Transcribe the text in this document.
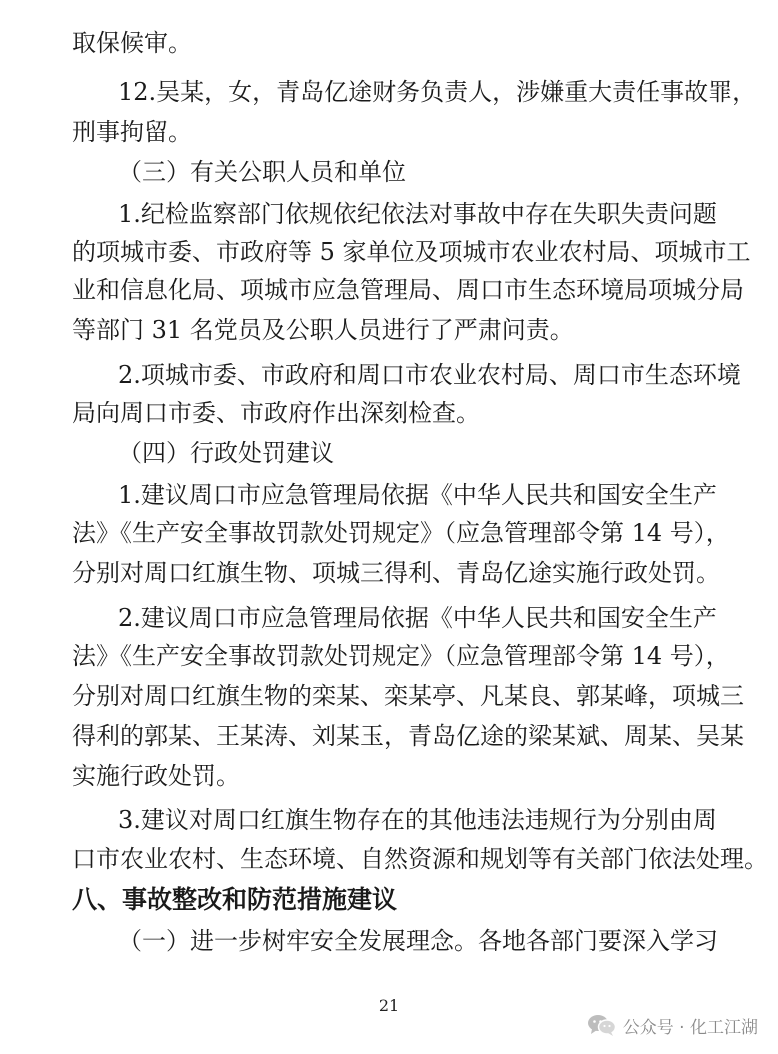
取保候审。
12.吴某，女，青岛亿途财务负责人，涉嫌重大责任事故罪，
刑事拘留。
（三）有关公职人员和单位
1.纪检监察部门依规依纪依法对事故中存在失职失责问题
的项城市委、市政府等 5 家单位及项城市农业农村局、项城市工
业和信息化局、项城市应急管理局、周口市生态环境局项城分局
等部门 31 名党员及公职人员进行了严肃问责。
2.项城市委、市政府和周口市农业农村局、周口市生态环境
局向周口市委、市政府作出深刻检查。
（四）行政处罚建议
1.建议周口市应急管理局依据《中华人民共和国安全生产
法》《生产安全事故罚款处罚规定》（应急管理部令第 14 号），
分别对周口红旗生物、项城三得利、青岛亿途实施行政处罚。
2.建议周口市应急管理局依据《中华人民共和国安全生产
法》《生产安全事故罚款处罚规定》（应急管理部令第 14 号），
分别对周口红旗生物的栾某、栾某亭、凡某良、郭某峰，项城三
得利的郭某、王某涛、刘某玉，青岛亿途的梁某斌、周某、吴某
实施行政处罚。
3.建议对周口红旗生物存在的其他违法违规行为分别由周
口市农业农村、生态环境、自然资源和规划等有关部门依法处理。
八、事故整改和防范措施建议
（一）进一步树牢安全发展理念。各地各部门要深入学习
21
公众号 · 化工江湖
